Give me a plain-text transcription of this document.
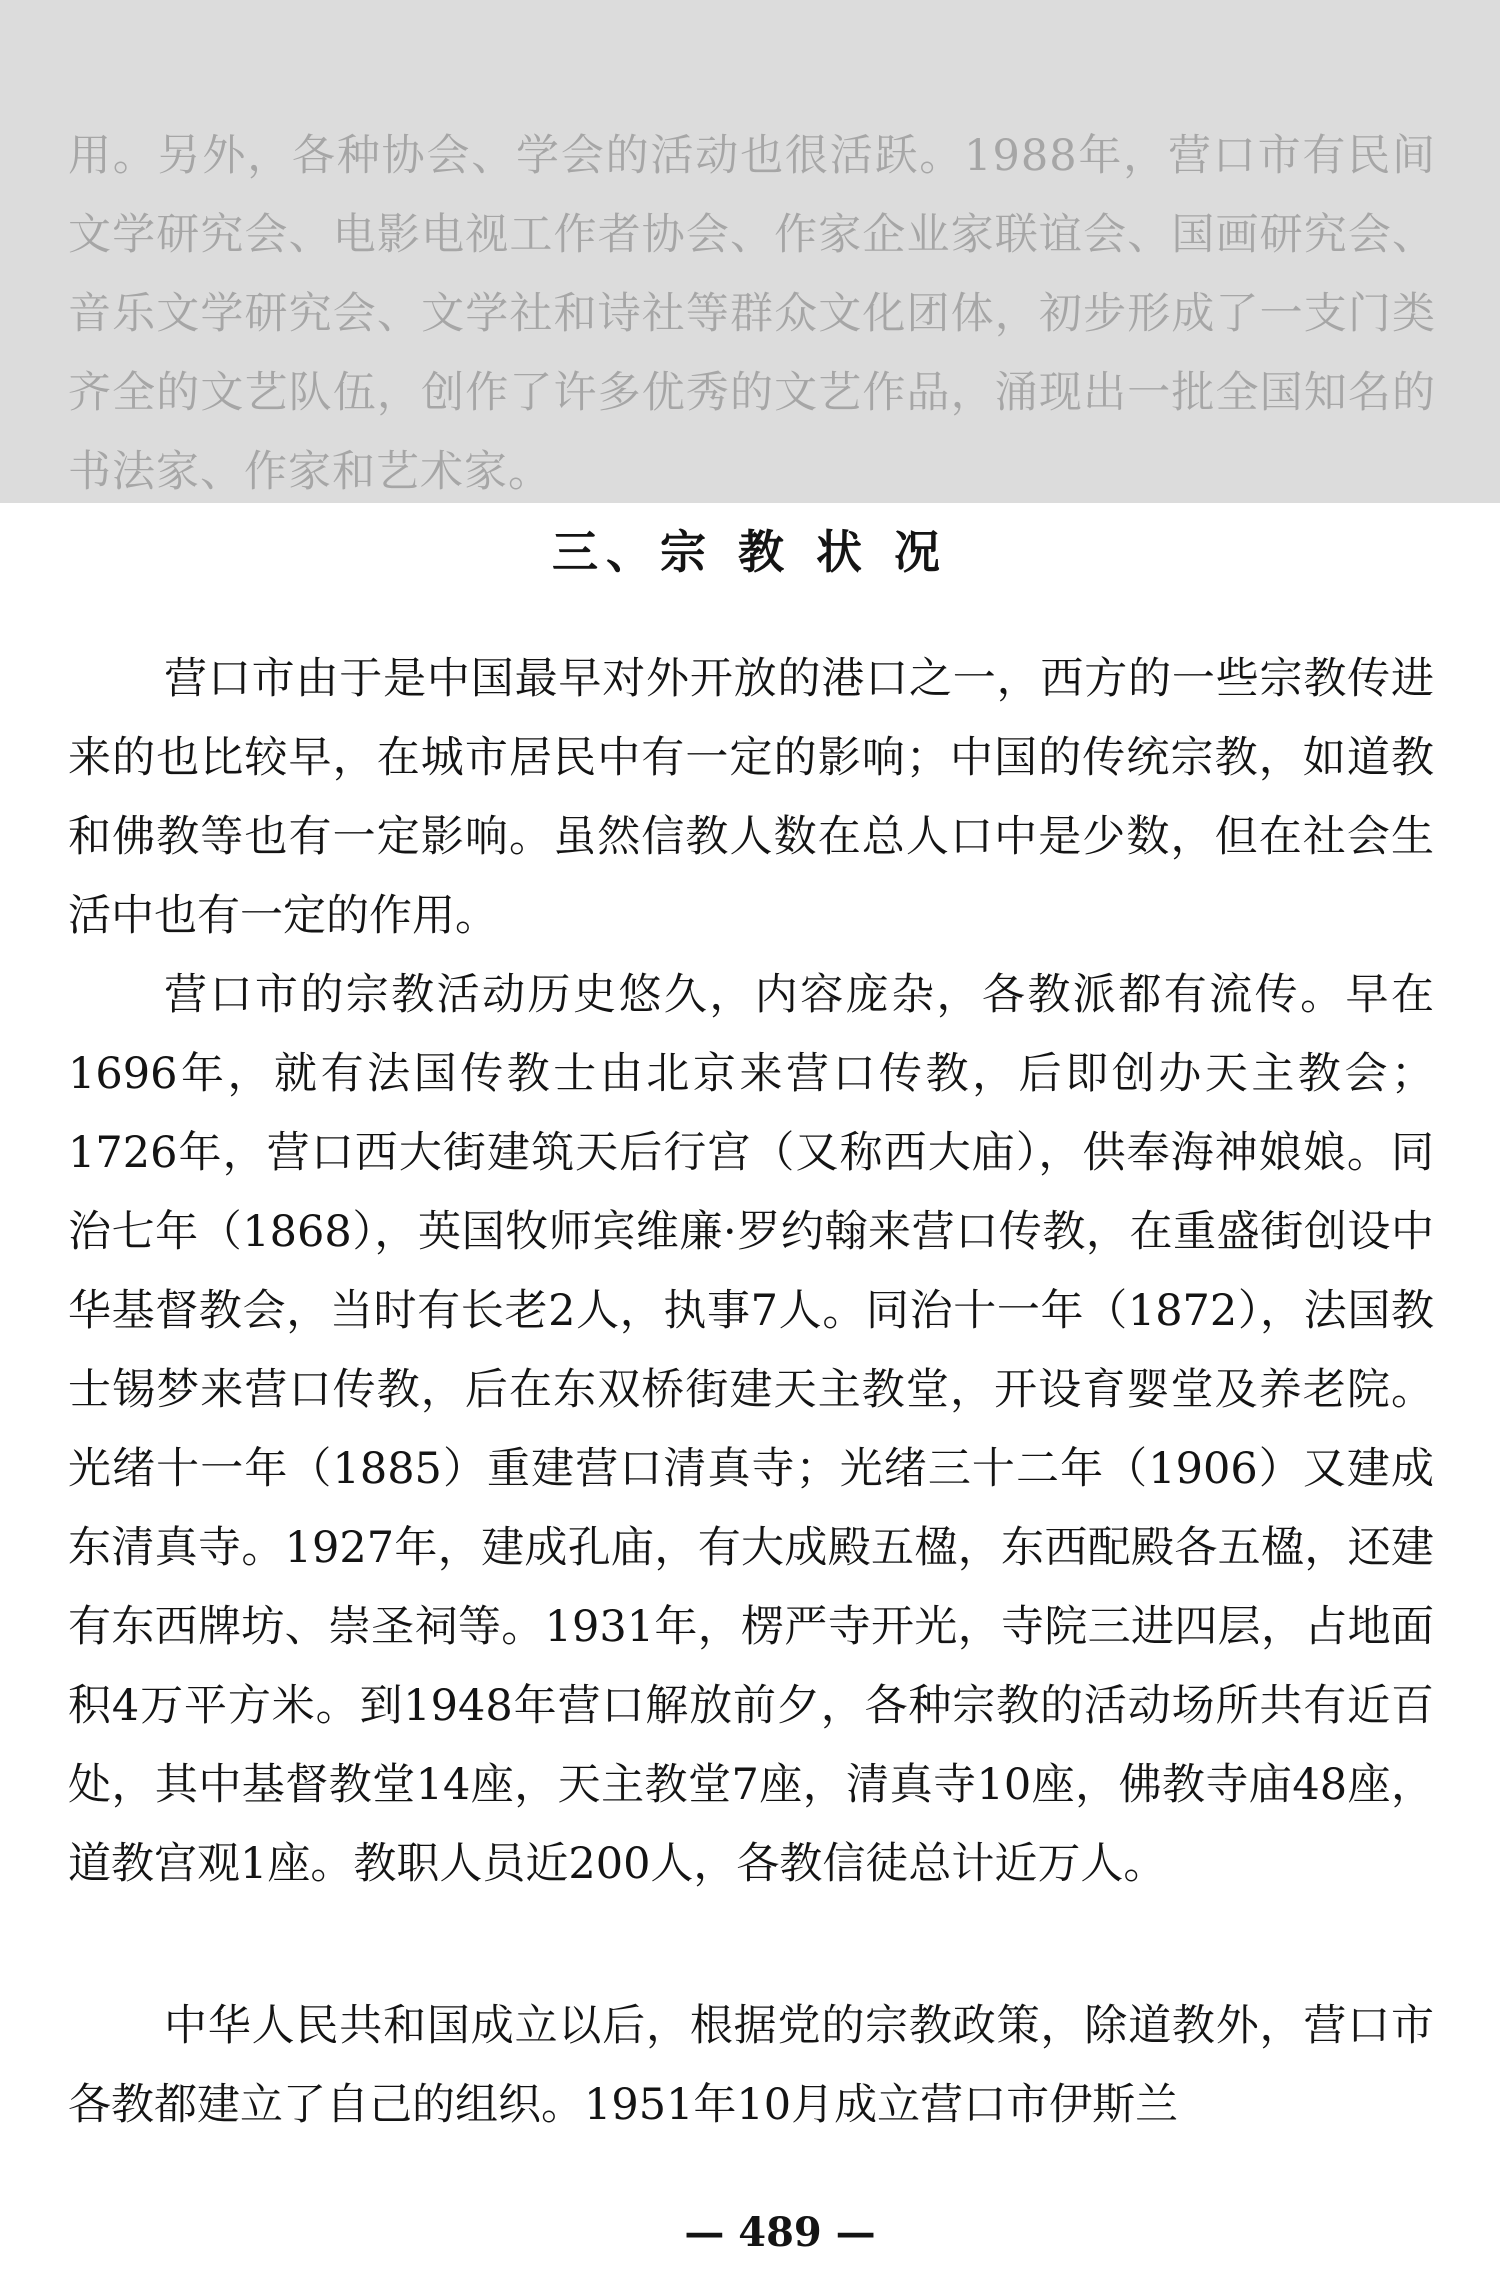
用。另外，各种协会、学会的活动也很活跃。1988年，营口市有民间文学研究会、电影电视工作者协会、作家企业家联谊会、国画研究会、音乐文学研究会、文学社和诗社等群众文化团体，初步形成了一支门类齐全的文艺队伍，创作了许多优秀的文艺作品，涌现出一批全国知名的书法家、作家和艺术家。

三、宗 教 状 况

营口市由于是中国最早对外开放的港口之一，西方的一些宗教传进来的也比较早，在城市居民中有一定的影响；中国的传统宗教，如道教和佛教等也有一定影响。虽然信教人数在总人口中是少数，但在社会生活中也有一定的作用。

营口市的宗教活动历史悠久，内容庞杂，各教派都有流传。早在1696年，就有法国传教士由北京来营口传教，后即创办天主教会；1726年，营口西大街建筑天后行宫（又称西大庙），供奉海神娘娘。同治七年（1868），英国牧师宾维廉·罗约翰来营口传教，在重盛街创设中华基督教会，当时有长老2人，执事7人。同治十一年（1872），法国教士锡梦来营口传教，后在东双桥街建天主教堂，开设育婴堂及养老院。光绪十一年（1885）重建营口清真寺；光绪三十二年（1906）又建成东清真寺。1927年，建成孔庙，有大成殿五楹，东西配殿各五楹，还建有东西牌坊、崇圣祠等。1931年，楞严寺开光，寺院三进四层，占地面积4万平方米。到1948年营口解放前夕，各种宗教的活动场所共有近百处，其中基督教堂14座，天主教堂7座，清真寺10座，佛教寺庙48座，道教宫观1座。教职人员近200人，各教信徒总计近万人。

中华人民共和国成立以后，根据党的宗教政策，除道教外，营口市各教都建立了自己的组织。1951年10月成立营口市伊斯兰

— 489 —
